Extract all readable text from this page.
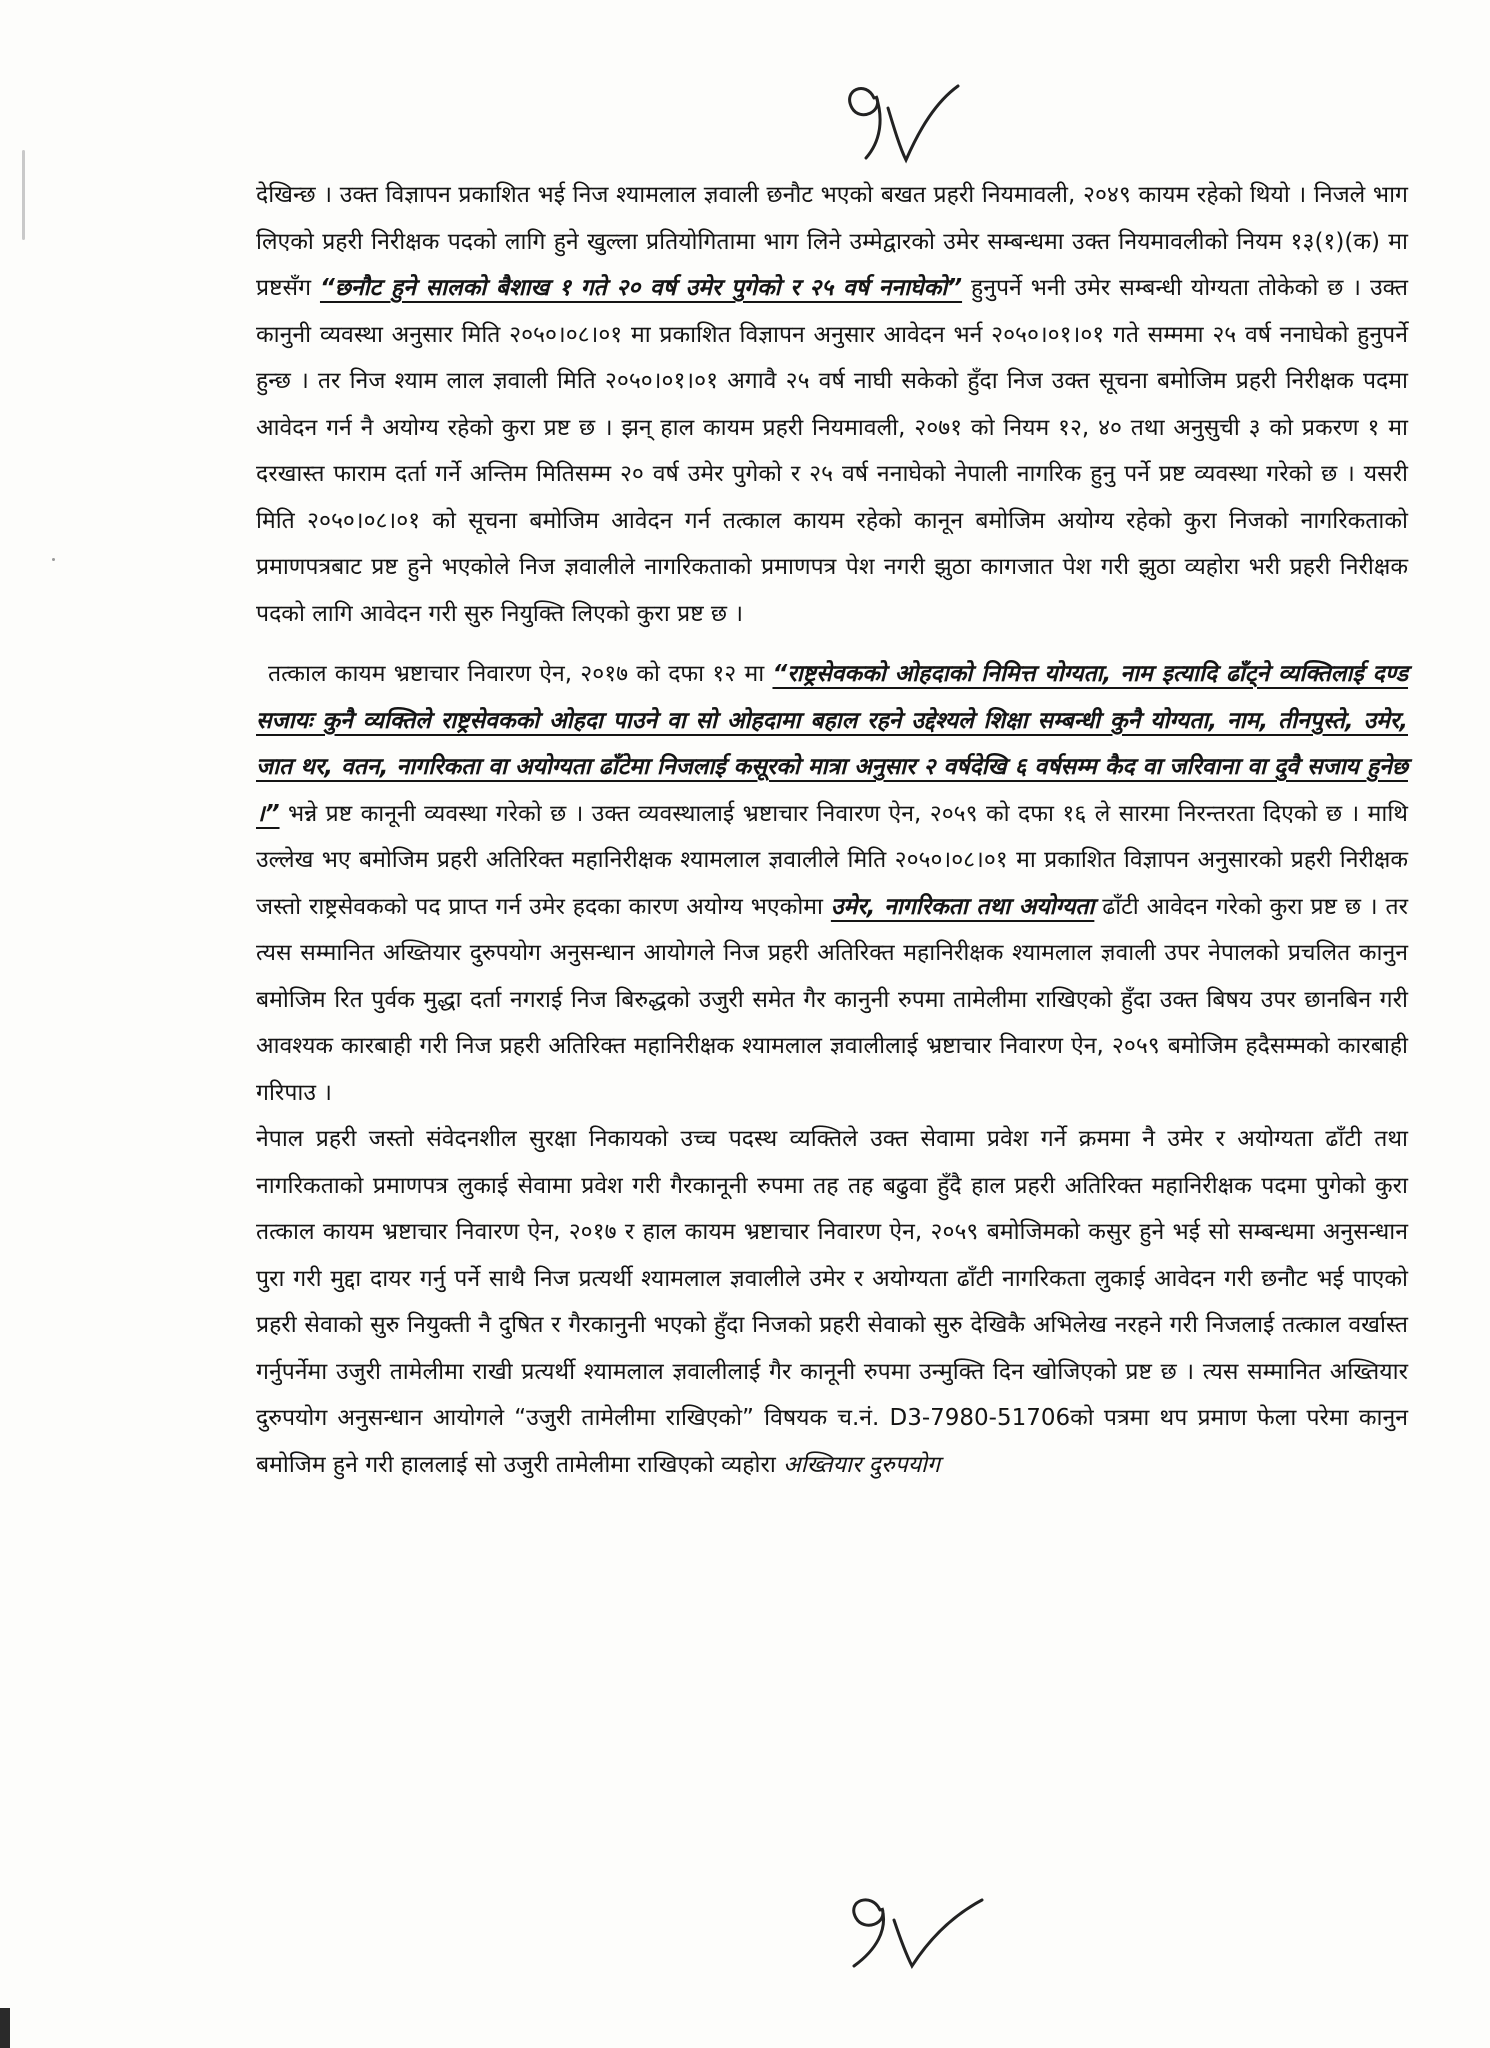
देखिन्छ । उक्त विज्ञापन प्रकाशित भई निज श्यामलाल ज्ञवाली छनौट भएको बखत प्रहरी नियमावली, २०४९ कायम रहेको थियो । निजले भाग लिएको प्रहरी निरीक्षक पदको लागि हुने खुल्ला प्रतियोगितामा भाग लिने उम्मेद्वारको उमेर सम्बन्धमा उक्त नियमावलीको नियम १३(१)(क) मा प्रष्टसँग “छनौट हुने सालको बैशाख १ गते २० वर्ष उमेर पुगेको र २५ वर्ष ननाघेको” हुनुपर्ने भनी उमेर सम्बन्धी योग्यता तोकेको छ । उक्त कानुनी व्यवस्था अनुसार मिति २०५०।०८।०१ मा प्रकाशित विज्ञापन अनुसार आवेदन भर्न २०५०।०१।०१ गते सम्ममा २५ वर्ष ननाघेको हुनुपर्ने हुन्छ । तर निज श्याम लाल ज्ञवाली मिति २०५०।०१।०१ अगावै २५ वर्ष नाघी सकेको हुँदा निज उक्त सूचना बमोजिम प्रहरी निरीक्षक पदमा आवेदन गर्न नै अयोग्य रहेको कुरा प्रष्ट छ । झन् हाल कायम प्रहरी नियमावली, २०७१ को नियम १२, ४० तथा अनुसुची ३ को प्रकरण १ मा दरखास्त फाराम दर्ता गर्ने अन्तिम मितिसम्म २० वर्ष उमेर पुगेको र २५ वर्ष ननाघेको नेपाली नागरिक हुनु पर्ने प्रष्ट व्यवस्था गरेको छ । यसरी मिति २०५०।०८।०१ को सूचना बमोजिम आवेदन गर्न तत्काल कायम रहेको कानून बमोजिम अयोग्य रहेको कुरा निजको नागरिकताको प्रमाणपत्रबाट प्रष्ट हुने भएकोले निज ज्ञवालीले नागरिकताको प्रमाणपत्र पेश नगरी झुठा कागजात पेश गरी झुठा व्यहोरा भरी प्रहरी निरीक्षक पदको लागि आवेदन गरी सुरु नियुक्ति लिएको कुरा प्रष्ट छ ।

तत्काल कायम भ्रष्टाचार निवारण ऐन, २०१७ को दफा १२ मा “राष्ट्रसेवकको ओहदाको निमित्त योग्यता, नाम इत्यादि ढाँट्ने व्यक्तिलाई दण्ड सजायः कुनै व्यक्तिले राष्ट्रसेवकको ओहदा पाउने वा सो ओहदामा बहाल रहने उद्देश्यले शिक्षा सम्बन्धी कुनै योग्यता, नाम, तीनपुस्ते, उमेर, जात थर, वतन, नागरिकता वा अयोग्यता ढाँटेमा निजलाई कसूरको मात्रा अनुसार २ वर्षदेखि ६ वर्षसम्म कैद वा जरिवाना वा दुवै सजाय हुनेछ ।” भन्ने प्रष्ट कानूनी व्यवस्था गरेको छ । उक्त व्यवस्थालाई भ्रष्टाचार निवारण ऐन, २०५९ को दफा १६ ले सारमा निरन्तरता दिएको छ । माथि उल्लेख भए बमोजिम प्रहरी अतिरिक्त महानिरीक्षक श्यामलाल ज्ञवालीले मिति २०५०।०८।०१ मा प्रकाशित विज्ञापन अनुसारको प्रहरी निरीक्षक जस्तो राष्ट्रसेवकको पद प्राप्त गर्न उमेर हदका कारण अयोग्य भएकोमा उमेर, नागरिकता तथा अयोग्यता ढाँटी आवेदन गरेको कुरा प्रष्ट छ । तर त्यस सम्मानित अख्तियार दुरुपयोग अनुसन्धान आयोगले निज प्रहरी अतिरिक्त महानिरीक्षक श्यामलाल ज्ञवाली उपर नेपालको प्रचलित कानुन बमोजिम रित पुर्वक मुद्धा दर्ता नगराई निज बिरुद्धको उजुरी समेत गैर कानुनी रुपमा तामेलीमा राखिएको हुँदा उक्त बिषय उपर छानबिन गरी आवश्यक कारबाही गरी निज प्रहरी अतिरिक्त महानिरीक्षक श्यामलाल ज्ञवालीलाई भ्रष्टाचार निवारण ऐन, २०५९ बमोजिम हदैसम्मको कारबाही गरिपाउ ।

नेपाल प्रहरी जस्तो संवेदनशील सुरक्षा निकायको उच्च पदस्थ व्यक्तिले उक्त सेवामा प्रवेश गर्ने क्रममा नै उमेर र अयोग्यता ढाँटी तथा नागरिकताको प्रमाणपत्र लुकाई सेवामा प्रवेश गरी गैरकानूनी रुपमा तह तह बढुवा हुँदै हाल प्रहरी अतिरिक्त महानिरीक्षक पदमा पुगेको कुरा तत्काल कायम भ्रष्टाचार निवारण ऐन, २०१७ र हाल कायम भ्रष्टाचार निवारण ऐन, २०५९ बमोजिमको कसुर हुने भई सो सम्बन्धमा अनुसन्धान पुरा गरी मुद्दा दायर गर्नु पर्ने साथै निज प्रत्यर्थी श्यामलाल ज्ञवालीले उमेर र अयोग्यता ढाँटी नागरिकता लुकाई आवेदन गरी छनौट भई पाएको प्रहरी सेवाको सुरु नियुक्ती नै दुषित र गैरकानुनी भएको हुँदा निजको प्रहरी सेवाको सुरु देखिकै अभिलेख नरहने गरी निजलाई तत्काल वर्खास्त गर्नुपर्नेमा उजुरी तामेलीमा राखी प्रत्यर्थी श्यामलाल ज्ञवालीलाई गैर कानूनी रुपमा उन्मुक्ति दिन खोजिएको प्रष्ट छ । त्यस सम्मानित अख्तियार दुरुपयोग अनुसन्धान आयोगले “उजुरी तामेलीमा राखिएको” विषयक च.नं. D3-7980-51706को पत्रमा थप प्रमाण फेला परेमा कानुन बमोजिम हुने गरी हाललाई सो उजुरी तामेलीमा राखिएको व्यहोरा अख्तियार दुरुपयोग
